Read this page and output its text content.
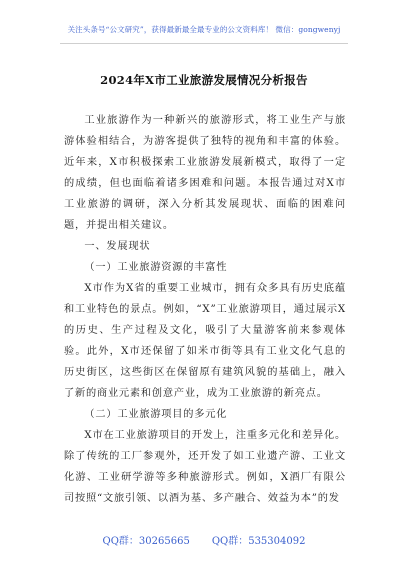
关注头条号“公文研究”，获得最新最全最专业的公文资料库！ 微信：gongwenyj
2024年X市工业旅游发展情况分析报告

工业旅游作为一种新兴的旅游形式，将工业生产与旅游体验相结合，为游客提供了独特的视角和丰富的体验。近年来，X市积极探索工业旅游发展新模式，取得了一定的成绩，但也面临着诸多困难和问题。本报告通过对X市工业旅游的调研，深入分析其发展现状、面临的困难问题，并提出相关建议。

一、发展现状

（一）工业旅游资源的丰富性

X市作为X省的重要工业城市，拥有众多具有历史底蕴和工业特色的景点。例如，“X”工业旅游项目，通过展示X的历史、生产过程及文化，吸引了大量游客前来参观体验。此外，X市还保留了如米市街等具有工业文化气息的历史街区，这些街区在保留原有建筑风貌的基础上，融入了新的商业元素和创意产业，成为工业旅游的新亮点。

（二）工业旅游项目的多元化

X市在工业旅游项目的开发上，注重多元化和差异化。除了传统的工厂参观外，还开发了如工业遗产游、工业文化游、工业研学游等多种旅游形式。例如，X酒厂有限公司按照“文旅引领、以酒为基、多产融合、效益为本”的发

QQ群：30265665 QQ群：535304092
